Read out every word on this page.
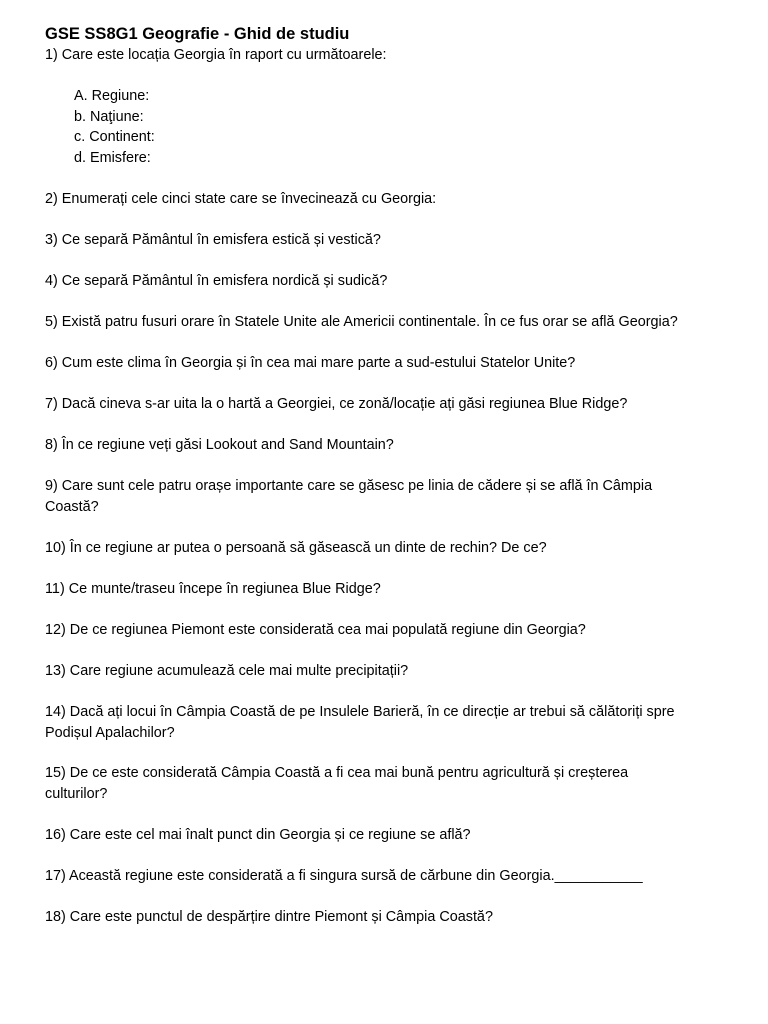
GSE SS8G1 Geografie - Ghid de studiu
1) Care este locația Georgia în raport cu următoarele:
A. Regiune:
b. Naţiune:
c. Continent:
d. Emisfere:
2) Enumerați cele cinci state care se învecinează cu Georgia:
3) Ce separă Pământul în emisfera estică și vestică?
4) Ce separă Pământul în emisfera nordică și sudică?
5) Există patru fusuri orare în Statele Unite ale Americii continentale. În ce fus orar se află Georgia?
6) Cum este clima în Georgia și în cea mai mare parte a sud-estului Statelor Unite?
7) Dacă cineva s-ar uita la o hartă a Georgiei, ce zonă/locație ați găsi regiunea Blue Ridge?
8) În ce regiune veți găsi Lookout and Sand Mountain?
9) Care sunt cele patru orașe importante care se găsesc pe linia de cădere și se află în Câmpia Coastă?
10) În ce regiune ar putea o persoană să găsească un dinte de rechin? De ce?
11) Ce munte/traseu începe în regiunea Blue Ridge?
12) De ce regiunea Piemont este considerată cea mai populată regiune din Georgia?
13) Care regiune acumulează cele mai multe precipitații?
14) Dacă ați locui în Câmpia Coastă de pe Insulele Barieră, în ce direcție ar trebui să călătoriți spre Podișul Apalachilor?
15) De ce este considerată Câmpia Coastă a fi cea mai bună pentru agricultură și creșterea culturilor?
16) Care este cel mai înalt punct din Georgia și ce regiune se află?
17) Această regiune este considerată a fi singura sursă de cărbune din Georgia.___________
18) Care este punctul de despărțire dintre Piemont și Câmpia Coastă?
